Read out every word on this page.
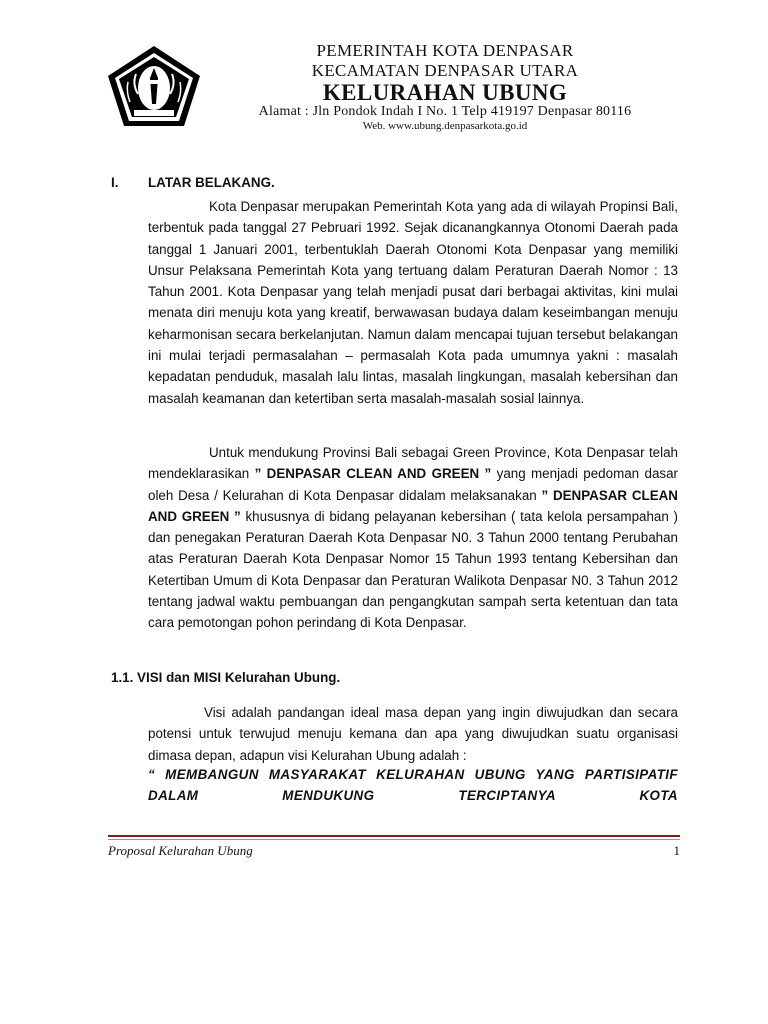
PEMERINTAH KOTA DENPASAR
KECAMATAN DENPASAR UTARA
KELURAHAN UBUNG
Alamat : Jln Pondok Indah I No. 1 Telp 419197 Denpasar 80116
Web. www.ubung.denpasarkota.go.id
I. LATAR BELAKANG.

Kota Denpasar merupakan Pemerintah Kota yang ada di wilayah Propinsi Bali, terbentuk pada tanggal 27 Pebruari 1992. Sejak dicanangkannya Otonomi Daerah pada tanggal 1 Januari 2001, terbentuklah Daerah Otonomi Kota Denpasar yang memiliki Unsur Pelaksana Pemerintah Kota yang tertuang dalam Peraturan Daerah Nomor : 13 Tahun 2001. Kota Denpasar yang telah menjadi pusat dari berbagai aktivitas, kini mulai menata diri menuju kota yang kreatif, berwawasan budaya dalam keseimbangan menuju keharmonisan secara berkelanjutan. Namun dalam mencapai tujuan tersebut belakangan ini mulai terjadi permasalahan – permasalah Kota pada umumnya yakni : masalah kepadatan penduduk, masalah lalu lintas, masalah lingkungan, masalah kebersihan dan masalah keamanan dan ketertiban serta masalah-masalah sosial lainnya.

Untuk mendukung Provinsi Bali sebagai Green Province, Kota Denpasar telah mendeklarasikan ” DENPASAR CLEAN AND GREEN ” yang menjadi pedoman dasar oleh Desa / Kelurahan di Kota Denpasar didalam melaksanakan ” DENPASAR CLEAN AND GREEN ” khususnya di bidang pelayanan kebersihan ( tata kelola persampahan ) dan penegakan Peraturan Daerah Kota Denpasar N0. 3 Tahun 2000 tentang Perubahan atas Peraturan Daerah Kota Denpasar Nomor 15 Tahun 1993 tentang Kebersihan dan Ketertiban Umum di Kota Denpasar dan Peraturan Walikota Denpasar N0. 3 Tahun 2012 tentang jadwal waktu pembuangan dan pengangkutan sampah serta ketentuan dan tata cara pemotongan pohon perindang di Kota Denpasar.

1.1. VISI dan MISI Kelurahan Ubung.

Visi adalah pandangan ideal masa depan yang ingin diwujudkan dan secara potensi untuk terwujud menuju kemana dan apa yang diwujudkan suatu organisasi dimasa depan, adapun visi Kelurahan Ubung adalah :

“ MEMBANGUN MASYARAKAT KELURAHAN UBUNG YANG PARTISIPATIF DALAM MENDUKUNG TERCIPTANYA KOTA

Proposal Kelurahan Ubung	1
